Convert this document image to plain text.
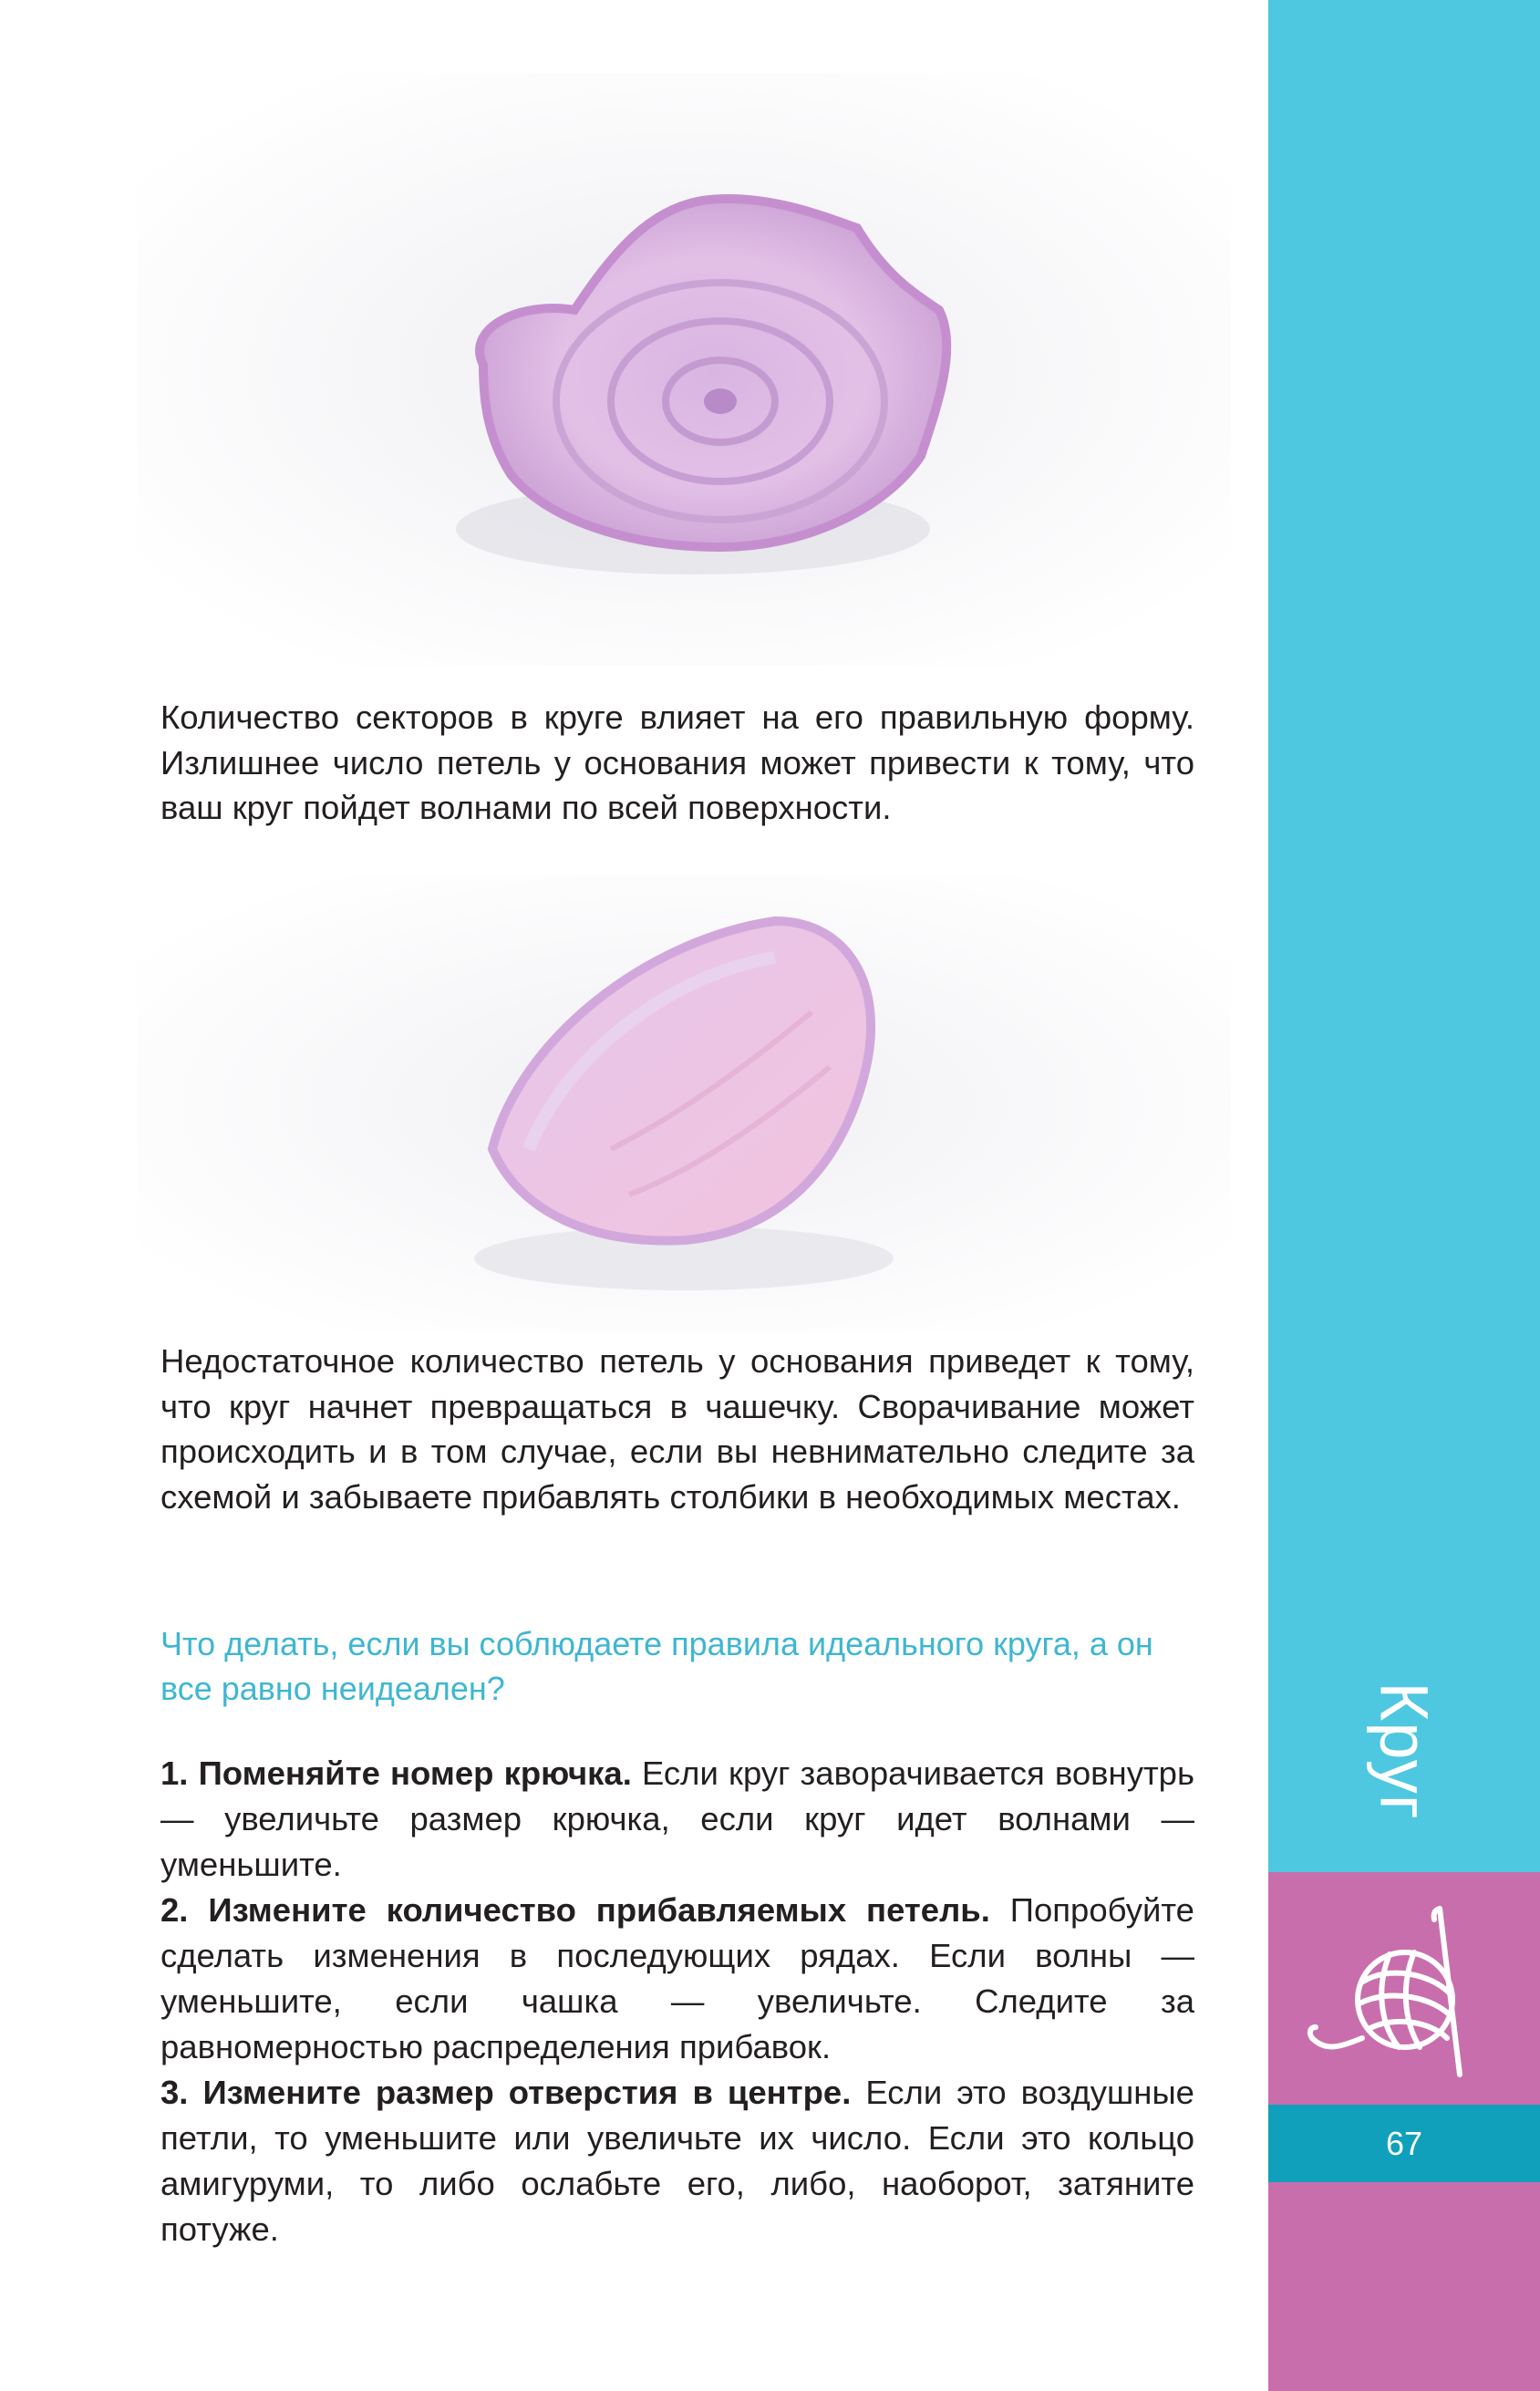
Количество секторов в круге влияет на его правильную форму. Излишнее число петель у основания может привести к тому, что ваш круг пойдет волнами по всей поверхности.

Недостаточное количество петель у основания приведет к тому, что круг начнет превращаться в чашечку. Сворачивание может происходить и в том случае, если вы невнимательно следите за схемой и забываете прибавлять столбики в необходимых местах.

Что делать, если вы соблюдаете правила идеального круга, а он все равно неидеален?

1. Поменяйте номер крючка. Если круг заворачивается вовнутрь — увеличьте размер крючка, если круг идет волнами — уменьшите.

2. Измените количество прибавляемых петель. Попробуйте сделать изменения в последующих рядах. Если волны — уменьшите, если чашка — увеличьте. Следите за равномерностью распределения прибавок.

3. Измените размер отверстия в центре. Если это воздушные петли, то уменьшите или увеличьте их число. Если это кольцо амигуруми, то либо ослабьте его, либо, наоборот, затяните потуже.

Круг
67
